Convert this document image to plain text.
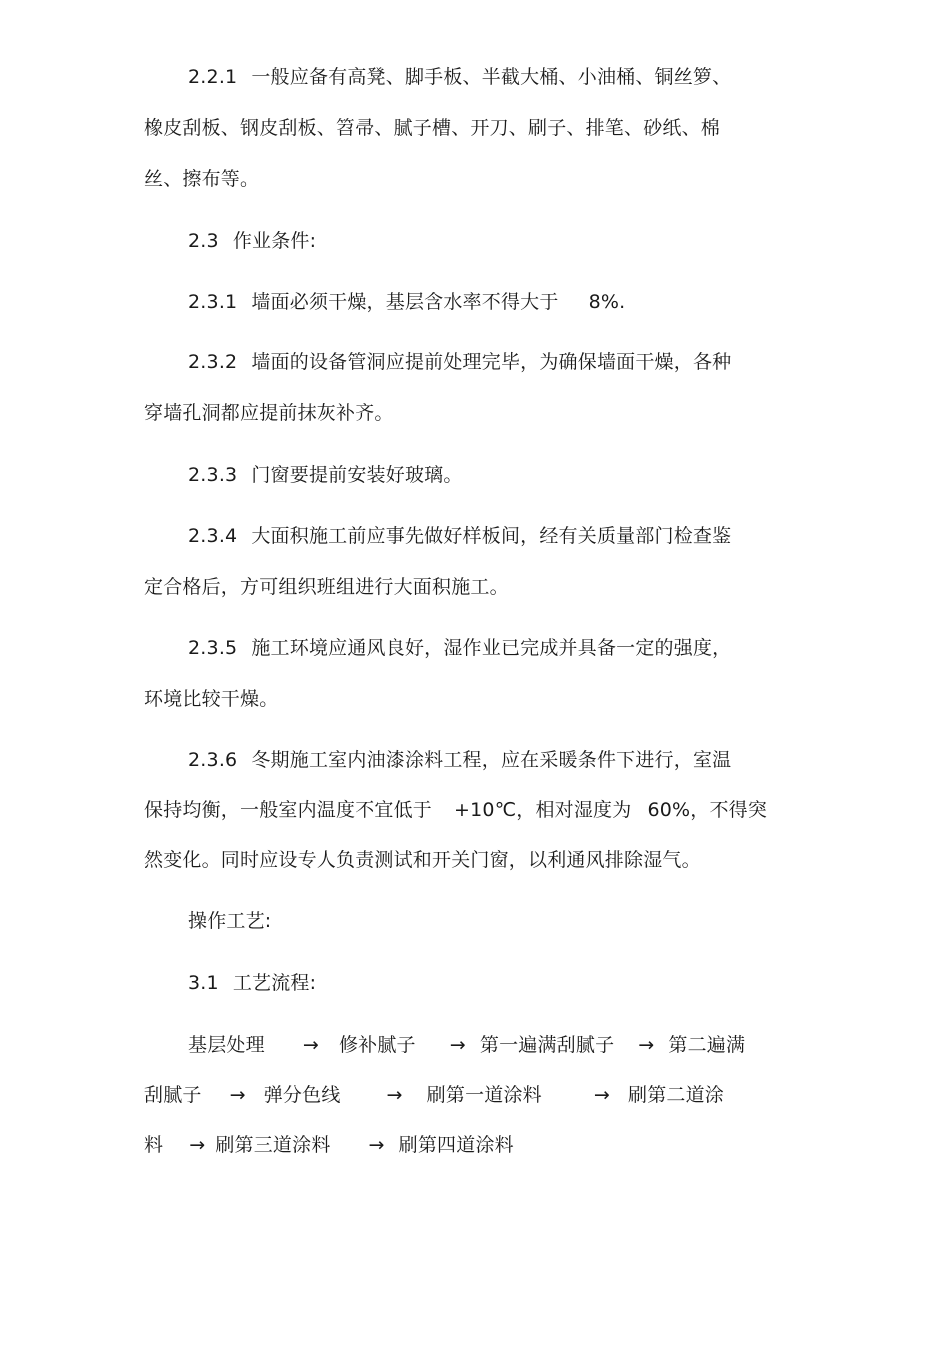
2.2.1 一般应备有高凳、脚手板、半截大桶、小油桶、铜丝箩、
橡皮刮板、钢皮刮板、笤帚、腻子槽、开刀、刷子、排笔、砂纸、棉
丝、擦布等。
2.3 作业条件:
2.3.1 墙面必须干燥，基层含水率不得大于 8%.
2.3.2 墙面的设备管洞应提前处理完毕，为确保墙面干燥，各种
穿墙孔洞都应提前抹灰补齐。
2.3.3 门窗要提前安装好玻璃。
2.3.4 大面积施工前应事先做好样板间，经有关质量部门检查鉴
定合格后，方可组织班组进行大面积施工。
2.3.5 施工环境应通风良好，湿作业已完成并具备一定的强度，
环境比较干燥。
2.3.6 冬期施工室内油漆涂料工程，应在采暖条件下进行，室温
保持均衡，一般室内温度不宜低于 +10℃，相对湿度为 60%，不得突
然变化。同时应设专人负责测试和开关门窗，以利通风排除湿气。
操作工艺:
3.1 工艺流程:
基层处理 → 修补腻子 → 第一遍满刮腻子 → 第二遍满
刮腻子 → 弹分色线 → 刷第一道涂料	→ 刷第二道涂
料 → 刷第三道涂料 → 刷第四道涂料
